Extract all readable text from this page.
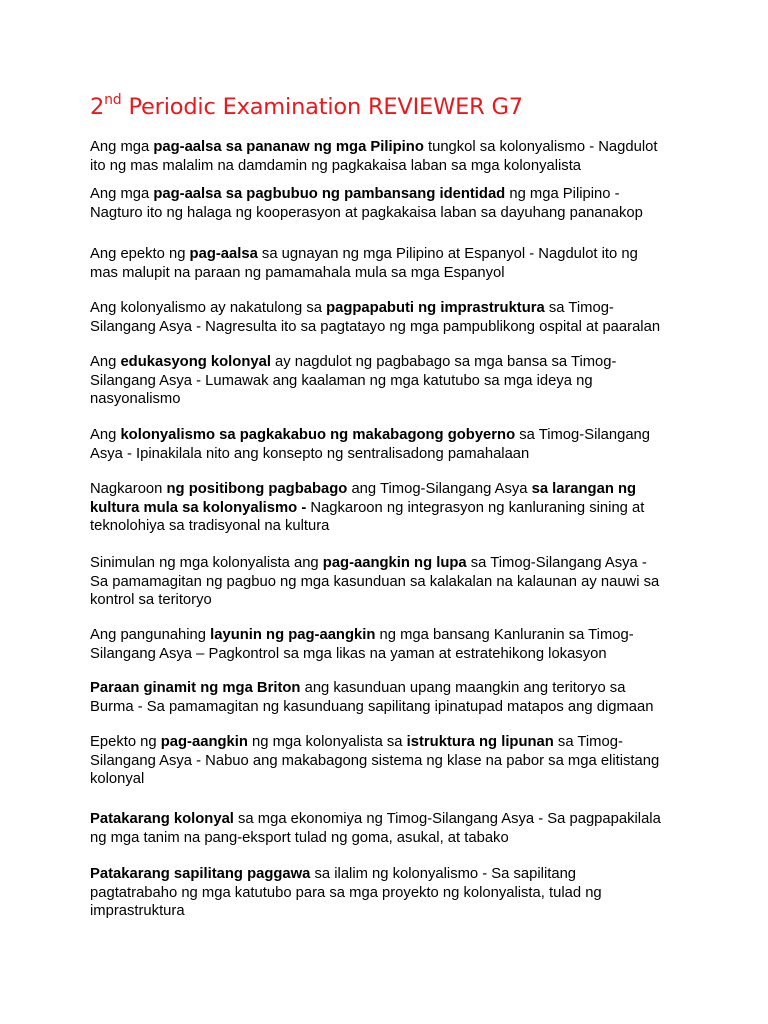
2nd Periodic Examination REVIEWER G7
Ang mga pag-aalsa sa pananaw ng mga Pilipino tungkol sa kolonyalismo - Nagdulot
ito ng mas malalim na damdamin ng pagkakaisa laban sa mga kolonyalista
Ang mga pag-aalsa sa pagbubuo ng pambansang identidad ng mga Pilipino -
Nagturo ito ng halaga ng kooperasyon at pagkakaisa laban sa dayuhang pananakop
Ang epekto ng pag-aalsa sa ugnayan ng mga Pilipino at Espanyol - Nagdulot ito ng
mas malupit na paraan ng pamamahala mula sa mga Espanyol
Ang kolonyalismo ay nakatulong sa pagpapabuti ng imprastruktura sa Timog-
Silangang Asya - Nagresulta ito sa pagtatayo ng mga pampublikong ospital at paaralan
Ang edukasyong kolonyal ay nagdulot ng pagbabago sa mga bansa sa Timog-
Silangang Asya - Lumawak ang kaalaman ng mga katutubo sa mga ideya ng
nasyonalismo
Ang kolonyalismo sa pagkakabuo ng makabagong gobyerno sa Timog-Silangang
Asya - Ipinakilala nito ang konsepto ng sentralisadong pamahalaan
Nagkaroon ng positibong pagbabago ang Timog-Silangang Asya sa larangan ng
kultura mula sa kolonyalismo - Nagkaroon ng integrasyon ng kanluraning sining at
teknolohiya sa tradisyonal na kultura
Sinimulan ng mga kolonyalista ang pag-aangkin ng lupa sa Timog-Silangang Asya -
Sa pamamagitan ng pagbuo ng mga kasunduan sa kalakalan na kalaunan ay nauwi sa
kontrol sa teritoryo
Ang pangunahing layunin ng pag-aangkin ng mga bansang Kanluranin sa Timog-
Silangang Asya – Pagkontrol sa mga likas na yaman at estratehikong lokasyon
Paraan ginamit ng mga Briton ang kasunduan upang maangkin ang teritoryo sa
Burma - Sa pamamagitan ng kasunduang sapilitang ipinatupad matapos ang digmaan
Epekto ng pag-aangkin ng mga kolonyalista sa istruktura ng lipunan sa Timog-
Silangang Asya - Nabuo ang makabagong sistema ng klase na pabor sa mga elitistang
kolonyal
Patakarang kolonyal sa mga ekonomiya ng Timog-Silangang Asya - Sa pagpapakilala
ng mga tanim na pang-eksport tulad ng goma, asukal, at tabako
Patakarang sapilitang paggawa sa ilalim ng kolonyalismo - Sa sapilitang
pagtatrabaho ng mga katutubo para sa mga proyekto ng kolonyalista, tulad ng
imprastruktura
